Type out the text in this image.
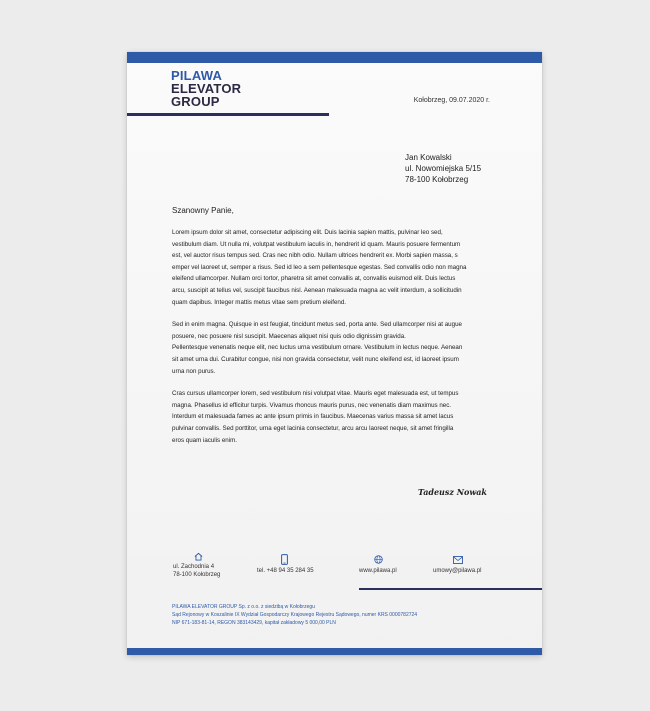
PILAWA
ELEVATOR
GROUP	Kołobrzeg, 09.07.2020 r.
Jan Kowalski
ul. Nowomiejska 5/15
78-100 Kołobrzeg
Szanowny Panie,

Lorem ipsum dolor sit amet, consectetur adipiscing elit. Duis lacinia sapien mattis, pulvinar leo sed,
vestibulum diam. Ut nulla mi, volutpat vestibulum iaculis in, hendrerit id quam. Mauris posuere fermentum
est, vel auctor risus tempus sed. Cras nec nibh odio. Nullam ultrices hendrerit ex. Morbi sapien massa, s
emper vel laoreet ut, semper a risus. Sed id leo a sem pellentesque egestas. Sed convallis odio non magna
eleifend ullamcorper. Nullam orci tortor, pharetra sit amet convallis at, convallis euismod elit. Duis lectus
arcu, suscipit at tellus vel, suscipit faucibus nisl. Aenean malesuada magna ac velit interdum, a sollicitudin
quam dapibus. Integer mattis metus vitae sem pretium eleifend.

Sed in enim magna. Quisque in est feugiat, tincidunt metus sed, porta ante. Sed ullamcorper nisi at augue
posuere, nec posuere nisl suscipit. Maecenas aliquet nisi quis odio dignissim gravida.
Pellentesque venenatis neque elit, nec luctus urna vestibulum ornare. Vestibulum in lectus neque. Aenean
sit amet urna dui. Curabitur congue, nisi non gravida consectetur, velit nunc eleifend est, id laoreet ipsum
urna non purus.

Cras cursus ullamcorper lorem, sed vestibulum nisi volutpat vitae. Mauris eget malesuada est, ut tempus
magna. Phasellus id efficitur turpis. Vivamus rhoncus mauris purus, nec venenatis diam maximus nec.
Interdum et malesuada fames ac ante ipsum primis in faucibus. Maecenas varius massa sit amet lacus
pulvinar convallis. Sed porttitor, urna eget lacinia consectetur, arcu arcu laoreet neque, sit amet fringilla
eros quam iaculis enim.

Tadeusz Nowak
ul. Zachodnia 4
78-100 Kołobrzeg
tel. +48 94 35 284 35	www.pilawa.pl	umowy@pilawa.pl
PILAWA ELEVATOR GROUP Sp. z o.o. z siedzibą w Kołobrzegu
Sąd Rejonowy w Koszalinie IX Wydział Gospodarczy Krajowego Rejestru Sądowego, numer KRS 0000782724
NIP 671-183-81-14, REGON 383143429, kapitał zakładowy 5 000,00 PLN
